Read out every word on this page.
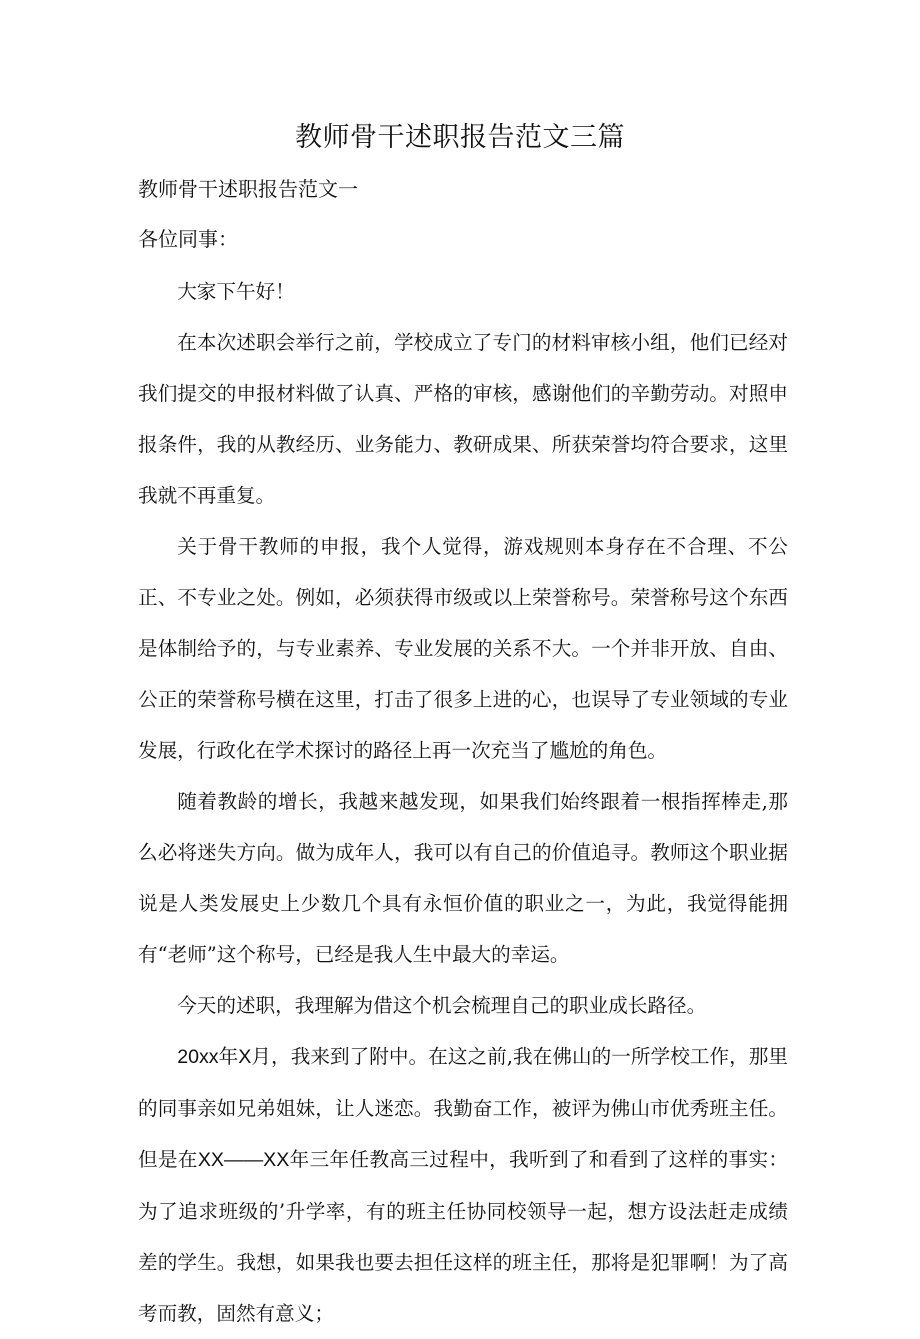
教师骨干述职报告范文三篇
教师骨干述职报告范文一

各位同事：

大家下午好！

在本次述职会举行之前，学校成立了专门的材料审核小组，他们已经对我们提交的申报材料做了认真、严格的审核，感谢他们的辛勤劳动。对照申报条件，我的从教经历、业务能力、教研成果、所获荣誉均符合要求，这里我就不再重复。

关于骨干教师的申报，我个人觉得，游戏规则本身存在不合理、不公正、不专业之处。例如，必须获得市级或以上荣誉称号。荣誉称号这个东西是体制给予的，与专业素养、专业发展的关系不大。一个并非开放、自由、公正的荣誉称号横在这里，打击了很多上进的心，也误导了专业领域的专业发展，行政化在学术探讨的路径上再一次充当了尴尬的角色。

随着教龄的增长，我越来越发现，如果我们始终跟着一根指挥棒走,那么必将迷失方向。做为成年人，我可以有自己的价值追寻。教师这个职业据说是人类发展史上少数几个具有永恒价值的职业之一，为此，我觉得能拥有“老师”这个称号，已经是我人生中最大的幸运。

今天的述职，我理解为借这个机会梳理自己的职业成长路径。

20xx年X月，我来到了附中。在这之前,我在佛山的一所学校工作，那里的同事亲如兄弟姐妹，让人迷恋。我勤奋工作，被评为佛山市优秀班主任。但是在XX——XX年三年任教高三过程中，我听到了和看到了这样的事实：为了追求班级的’升学率，有的班主任协同校领导一起，想方设法赶走成绩差的学生。我想，如果我也要去担任这样的班主任，那将是犯罪啊！为了高考而教，固然有意义；
